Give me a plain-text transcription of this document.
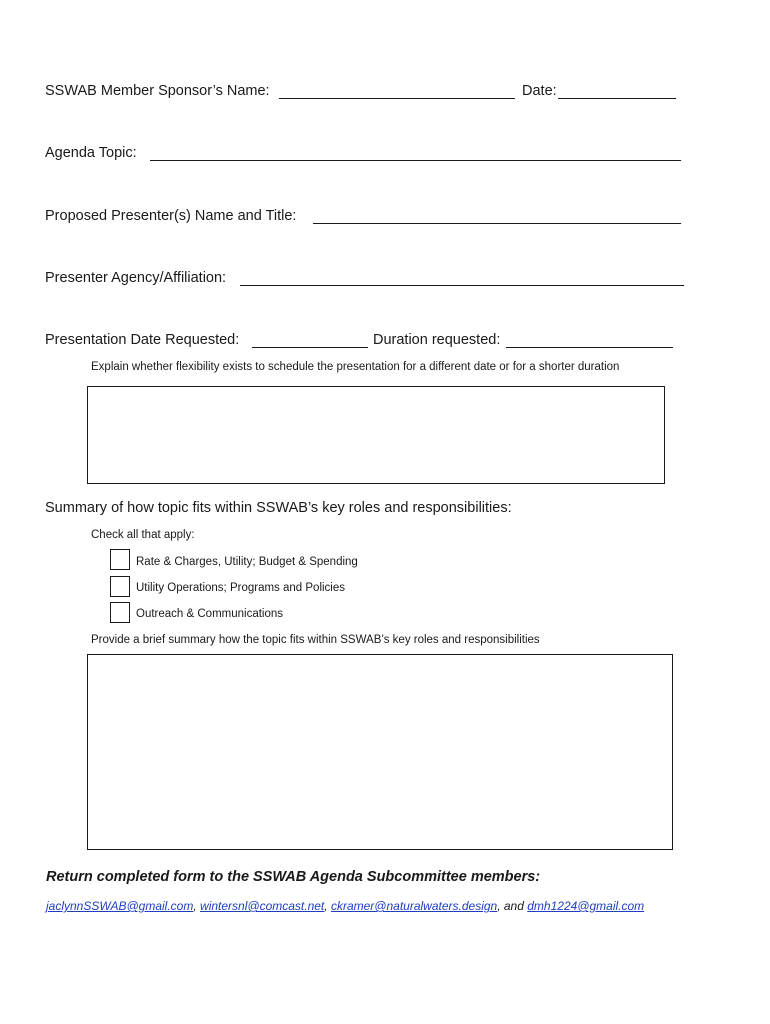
SSWAB Member Sponsor’s Name:	Date:
Agenda Topic:
Proposed Presenter(s) Name and Title:
Presenter Agency/Affiliation:
Presentation Date Requested:	Duration requested:
Explain whether flexibility exists to schedule the presentation for a different date or for a shorter duration
Summary of how topic fits within SSWAB’s key roles and responsibilities:
Check all that apply:
Rate & Charges, Utility; Budget & Spending
Utility Operations; Programs and Policies
Outreach & Communications
Provide a brief summary how the topic fits within SSWAB’s key roles and responsibilities
Return completed form to the SSWAB Agenda Subcommittee members:
jaclynnSSWAB@gmail.com, wintersnl@comcast.net, ckramer@naturalwaters.design, and dmh1224@gmail.com
